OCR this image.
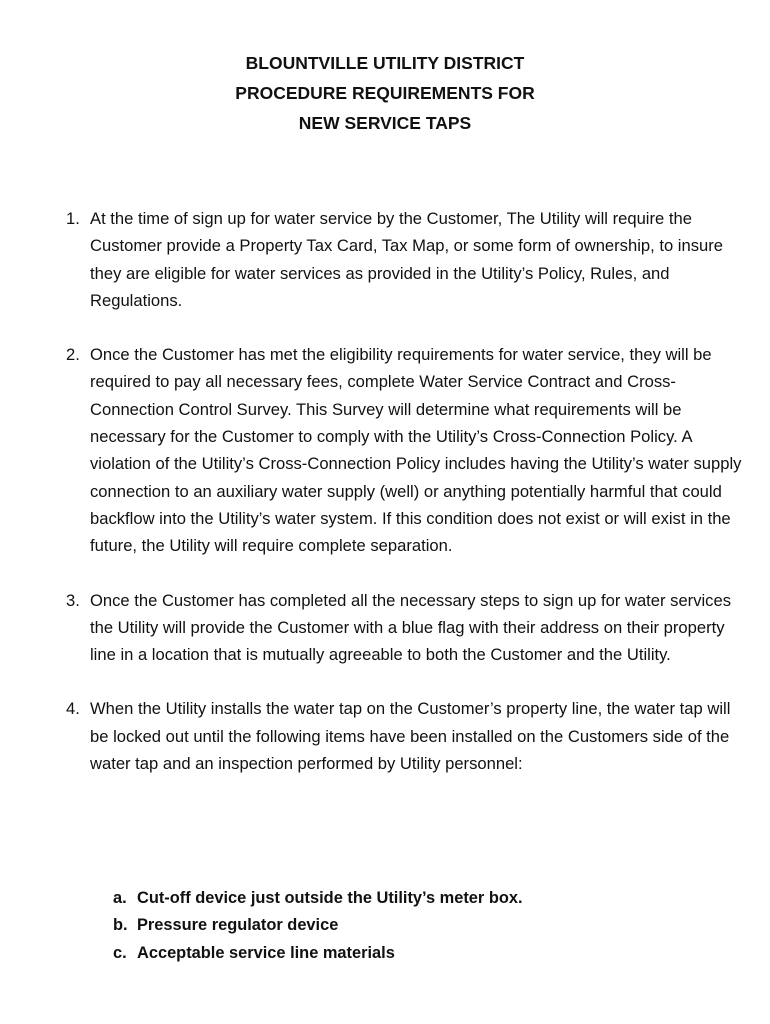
BLOUNTVILLE UTILITY DISTRICT
PROCEDURE REQUIREMENTS FOR
NEW SERVICE TAPS
1. At the time of sign up for water service by the Customer, The Utility will require the Customer provide a Property Tax Card, Tax Map, or some form of ownership, to insure they are eligible for water services as provided in the Utility’s Policy, Rules, and Regulations.
2. Once the Customer has met the eligibility requirements for water service, they will be required to pay all necessary fees, complete Water Service Contract and Cross-Connection Control Survey. This Survey will determine what requirements will be necessary for the Customer to comply with the Utility’s Cross-Connection Policy. A violation of the Utility’s Cross-Connection Policy includes having the Utility’s water supply connection to an auxiliary water supply (well) or anything potentially harmful that could backflow into the Utility’s water system. If this condition does not exist or will exist in the future, the Utility will require complete separation.
3. Once the Customer has completed all the necessary steps to sign up for water services the Utility will provide the Customer with a blue flag with their address on their property line in a location that is mutually agreeable to both the Customer and the Utility.
4. When the Utility installs the water tap on the Customer’s property line, the water tap will be locked out until the following items have been installed on the Customers side of the water tap and an inspection performed by Utility personnel:
a. Cut-off device just outside the Utility’s meter box.
b. Pressure regulator device
c. Acceptable service line materials
